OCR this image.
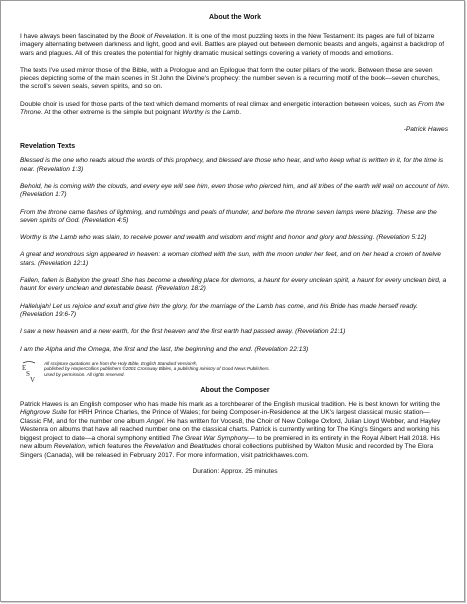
About the Work

I have always been fascinated by the Book of Revelation. It is one of the most puzzling texts in the New Testament: its pages are full of bizarre imagery alternating between darkness and light, good and evil. Battles are played out between demonic beasts and angels, against a backdrop of wars and plagues. All of this creates the potential for highly dramatic musical settings covering a variety of moods and emotions.

The texts I've used mirror those of the Bible, with a Prologue and an Epilogue that form the outer pillars of the work. Between these are seven pieces depicting some of the main scenes in St John the Divine's prophecy: the number seven is a recurring motif of the book—seven churches, the scroll's seven seals, seven spirits, and so on.

Double choir is used for those parts of the text which demand moments of real climax and energetic interaction between voices, such as From the Throne. At the other extreme is the simple but poignant Worthy is the Lamb.

-Patrick Hawes
Revelation Texts
Blessed is the one who reads aloud the words of this prophecy, and blessed are those who hear, and who keep what is written in it, for the time is near. (Revelation 1:3)
Behold, he is coming with the clouds, and every eye will see him, even those who pierced him, and all tribes of the earth will wail on account of him. (Revelation 1:7)
From the throne came flashes of lightning, and rumblings and peals of thunder, and before the throne seven lamps were blazing. These are the seven spirits of God. (Revelation 4:5)
Worthy is the Lamb who was slain, to receive power and wealth and wisdom and might and honor and glory and blessing. (Revelation 5:12)
A great and wondrous sign appeared in heaven: a woman clothed with the sun, with the moon under her feet, and on her head a crown of twelve stars. (Revelation 12:1)
Fallen, fallen is Babylon the great! She has become a dwelling place for demons, a haunt for every unclean spirit, a haunt for every unclean bird, a haunt for every unclean and detestable beast. (Revelation 18:2)
Hallelujah! Let us rejoice and exult and give him the glory, for the marriage of the Lamb has come, and his Bride has made herself ready. (Revelation 19:6-7)
I saw a new heaven and a new earth, for the first heaven and the first earth had passed away. (Revelation 21:1)
I am the Alpha and the Omega, the first and the last, the beginning and the end. (Revelation 22:13)
E
S
V
All scripture quotations are from the Holy Bible, English Standard Version®,
published by HarperCollins publishers ©2001 Crossway Bibles, a publishing ministry of Good News Publishers.
Used by permission. All rights reserved.
About the Composer

Patrick Hawes is an English composer who has made his mark as a torchbearer of the English musical tradition. He is best known for writing the Highgrove Suite for HRH Prince Charles, the Prince of Wales; for being Composer-in-Residence at the UK's largest classical music station—Classic FM, and for the number one album Angel. He has written for Voces8, the Choir of New College Oxford, Julian Lloyd Webber, and Hayley Westenra on albums that have all reached number one on the classical charts. Patrick is currently writing for The King's Singers and working his biggest project to date—a choral symphony entitled The Great War Symphony— to be premiered in its entirety in the Royal Albert Hall 2018. His new album Revelation, which features the Revelation and Beatitudes choral collections published by Walton Music and recorded by The Elora Singers (Canada), will be released in February 2017. For more information, visit patrickhawes.com.

Duration: Approx. 25 minutes
